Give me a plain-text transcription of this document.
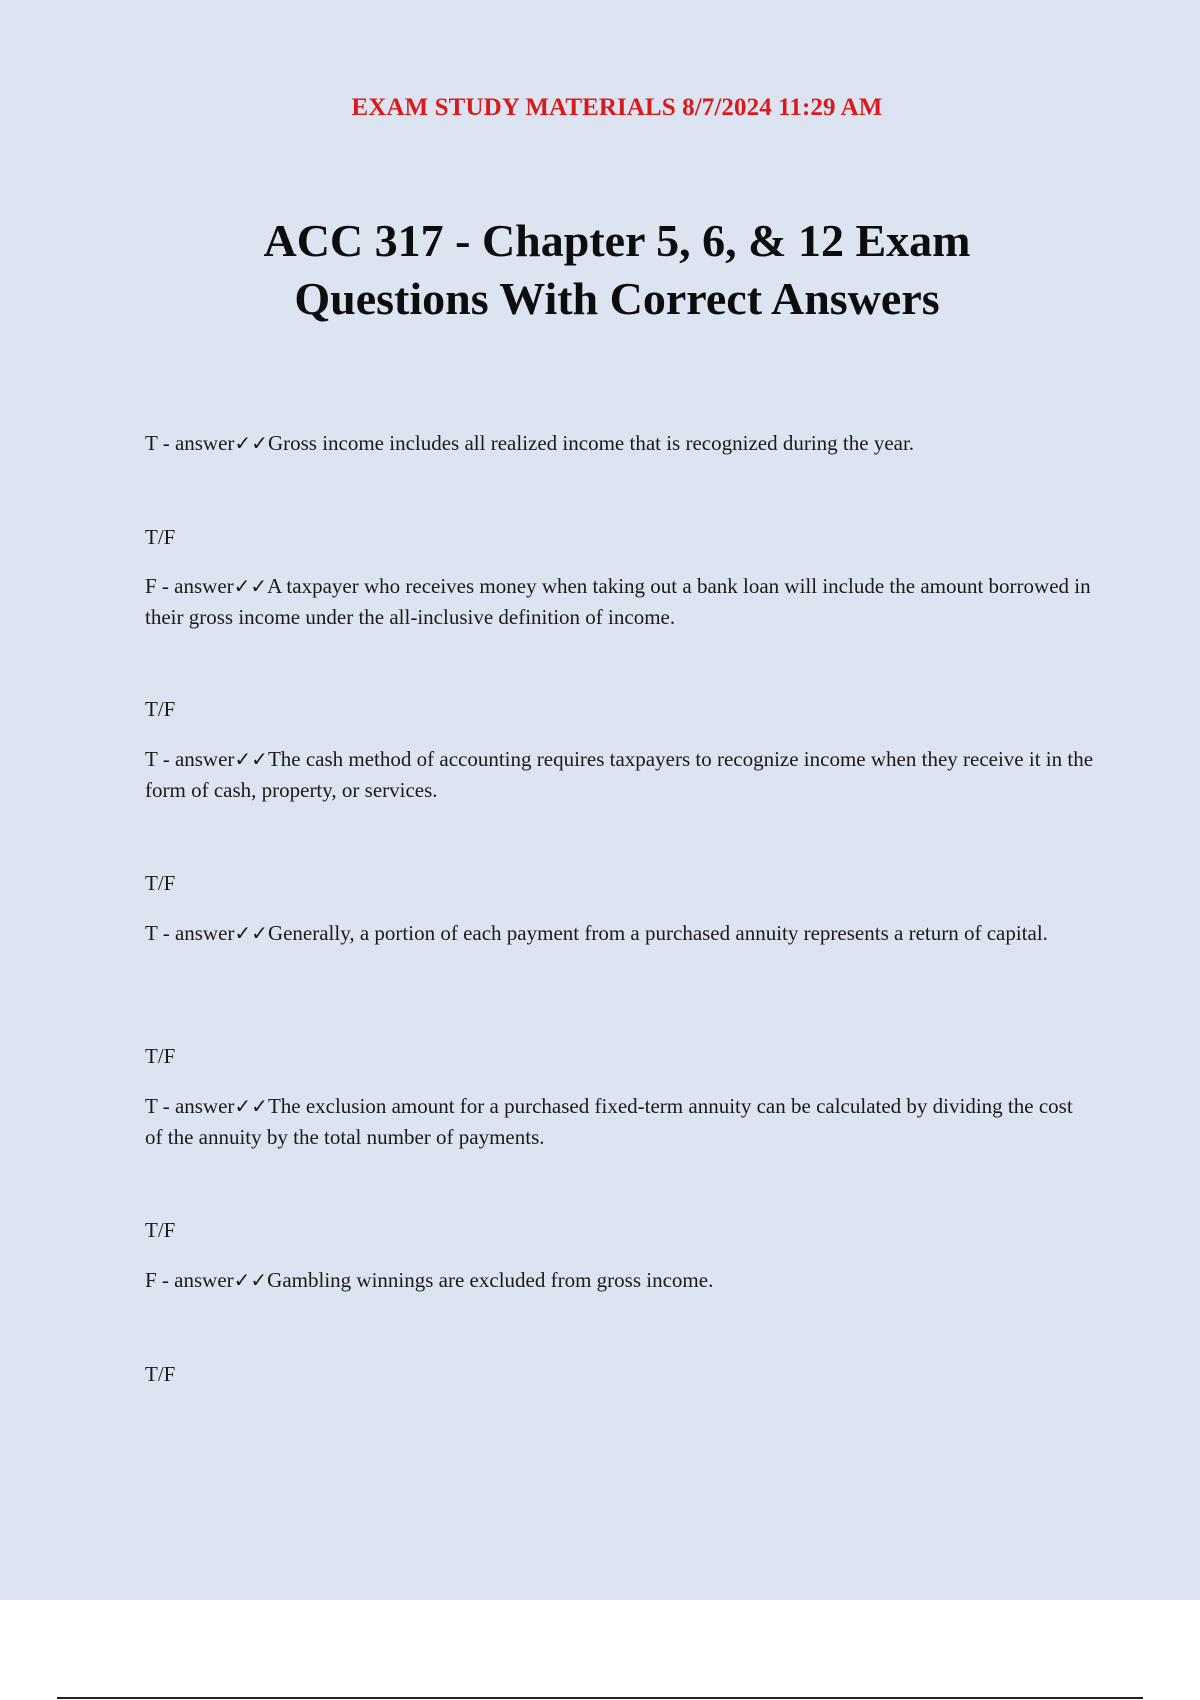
EXAM STUDY MATERIALS 8/7/2024 11:29 AM
ACC 317 - Chapter 5, 6, & 12 Exam
Questions With Correct Answers
T - answer✓✓Gross income includes all realized income that is recognized during the year.
T/F
F - answer✓✓A taxpayer who receives money when taking out a bank loan will include the amount borrowed in their gross income under the all-inclusive definition of income.
T/F
T - answer✓✓The cash method of accounting requires taxpayers to recognize income when they receive it in the form of cash, property, or services.
T/F
T - answer✓✓Generally, a portion of each payment from a purchased annuity represents a return of capital.
T/F
T - answer✓✓The exclusion amount for a purchased fixed-term annuity can be calculated by dividing the cost of the annuity by the total number of payments.
T/F
F - answer✓✓Gambling winnings are excluded from gross income.
T/F
